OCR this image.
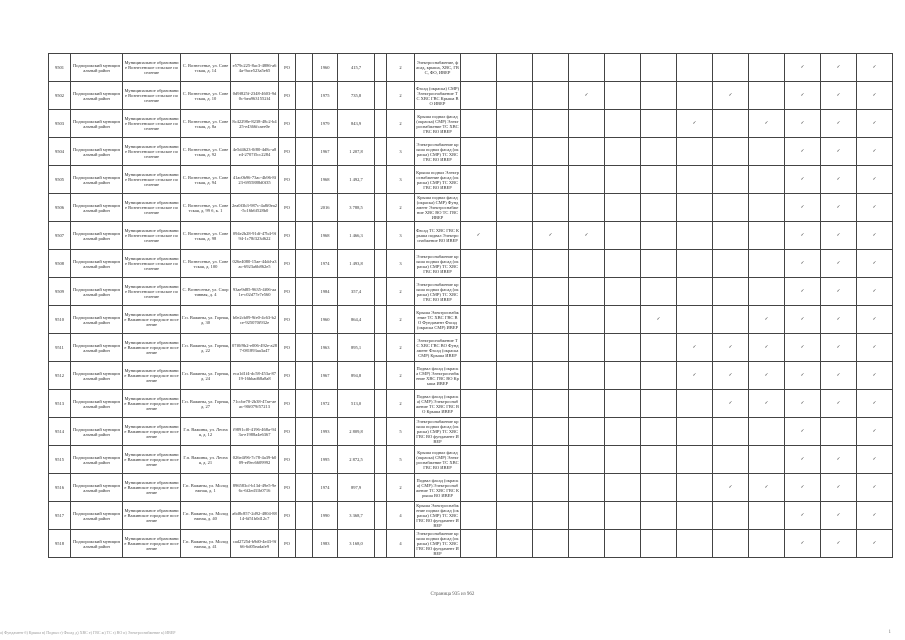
9501	Подпорожский муниципальный район	Муниципальное образование Вознесенское сельское поселение	С. Вознесенье, ул. Советская, д. 14	e579c225-8ac3-4886-a64a-9ace523a5e65	РО		1960	415,7		2	Электроснабжение, фасад, крыша, ХВС, ГВС, ФО, ИВЕР										✓	✓	✓
9502	Подпорожский муниципальный район	Муниципальное образование Вознесенское сельское поселение	С. Вознесенье, ул. Советская, д. 10	0d9f825f-2348-4603-9d0c-bea9631552f4	РО		1975	735,8		2	Фасад (окраска) СМР) Электроснабжение ТС ХВС ГВС Крыша ВО ИВЕР				✓				✓		✓	✓	✓
9503	Подпорожский муниципальный район	Муниципальное образование Вознесенское сельское поселение	С. Вознесенье, ул. Советская, д. 8а	8c42298e-8238-48c2-b425-e4366fcaee0e	РО		1979	843,9		2	Крыша подвал фасад (окраска) СМР) Электроснабжение ТС ХВС ГВС ВО ИВЕР							✓		✓	✓	✓	✓
9504	Подпорожский муниципальный район	Муниципальное образование Вознесенское сельское поселение	С. Вознесенье, ул. Советская, д. 92	4e5d4623-0f80-4d8c-a8e4-2707f5cc2284	РО		1967	1 207,8		3	Электроснабжение крыша подвал фасад (окраска) СМР) ТС ХВС ГВС ВО ИВЕР										✓	✓	✓
9505	Подпорожский муниципальный район	Муниципальное образование Вознесенское сельское поселение	С. Вознесенье, ул. Советская, д. 94	41ac0b96-73ac-4b96-8f23-6955888d0f35	РО		1968	1 492,7		3	Крыша подвал Электроснабжение фасад (окраска) СМР) ТС ХВС ГВС ВО ИВЕР										✓	✓	✓
9506	Подпорожский муниципальный район	Муниципальное образование Вознесенское сельское поселение	С. Вознесенье, ул. Советская, д. 99 б, к. 1	2ea0f3b3-987c-4a8f0ea2-5c16b6f528b0	РО		2016	3 788,5		2	Крыша подвал фасад (окраска) СМР) Фундамент Электроснабжение ХВС ВО ТС ГВС ИВЕР										✓	✓	✓
9507	Подпорожский муниципальный район	Муниципальное образование Вознесенское сельское поселение	С. Вознесенье, ул. Советская, д. 98	094e2b28-91df-47b4-9f94-1c78f323d622	РО		1968	1 466,3		3	Фасад ТС ХВС ГВС Крыша подвал Электроснабжение ВО ИВЕР	✓		✓	✓						✓	✓	✓
9508	Подпорожский муниципальный район	Муниципальное образование Вознесенское сельское поселение	С. Вознесенье, ул. Советская, д. 100	026e4080-15ae-44dd-a3ac-6923a6b862e5	РО		1974	1 493,8		3	Электроснабжение крыша подвал фасад (окраска) СМР) ТС ХВС ГВС ВО ИВЕР										✓	✓	✓
9509	Подпорожский муниципальный район	Муниципальное образование Вознесенское сельское поселение	С. Вознесенье, ул. Спортивная, д. 4	93ae9d85-9635-4f06-aa1e-c02d77e7e560	РО		1984	357,4		2	Электроснабжение крыша подвал фасад (окраска) СМР) ТС ХВС ГВС ВО ИВЕР										✓	✓	✓
9510	Подпорожский муниципальный район	Муниципальное образование Важинское городское поселение	Г.п. Важины, ул. Горная, д. 30	b0e2cb09-9fe0-4c63-b2ce-925070f932e	РО		1960	864,4		2	Крыша Электроснабжение ТС ХВС ГВС ВО Фундамент Фасад (окраска СМР) ИВЕР						✓			✓	✓	✓	✓
9511	Подпорожский муниципальный район	Муниципальное образование Важинское городское поселение	Г.п. Важины, ул. Горная, д. 22	07f0f9b2-e006-492e-a287-081893aa3a47	РО		1963	895,1		2	Электроснабжение ТС ХВС ГВС ВО Фундамент Фасад (окраска СМР) Крыша ИВЕР							✓	✓	✓	✓	✓	✓
9512	Подпорожский муниципальный район	Муниципальное образование Важинское городское поселение	Г.п. Важины, ул. Горная, д. 24	eca1d1f4-dc58-453a-8719-16bbad68a8a8	РО		1967	894,8		2	Подвал фасад (окраска СМР) Электроснабжение ХВС ГВС ВО Крыша ИВЕР							✓	✓	✓	✓	✓	✓
9513	Подпорожский муниципальный район	Муниципальное образование Важинское городское поселение	Г.п. Важины, ул. Горная, д. 27	71ccbe70-2b38-47ae-aeac-90f079f57213	РО		1972	513,0		2	Подвал фасад (окраска) СМР) Электроснабжение ТС ХВС ГВС ВО Крыша ИВЕР								✓	✓	✓	✓	✓
9514	Подпорожский муниципальный район	Муниципальное образование Важинское городское поселение	Г.п. Важины, ул. Лесная, д. 12	f9891cf0-4196-468a-943a-e1988a4e6367	РО		1993	2 809,8		5	Электроснабжение крыша подвал фасад (окраска) СМР) ТС ХВС ГВС ВО фундамент ИВЕР										✓		✓
9515	Подпорожский муниципальный район	Муниципальное образование Важинское городское поселение	Г.п. Важины, ул. Лесная, д. 21	026e4f96-7c78-4a39-b009-ef9ec6609992	РО		1995	2 872,5		5	Крыша подвал фасад (окраска) СМР) Электроснабжение ТС ХВС ГВС ВО ИВЕР										✓	✓	✓
9516	Подпорожский муниципальный район	Муниципальное образование Важинское городское поселение	Г.п. Важины, ул. Молодежная, д. 1	896583cf-b13d-49e5-9e6c-6f2ed31b0716	РО		1974	897,9		2	Подвал фасад (окраска) СМР) Электроснабжение ТС ХВС ГВС Крыша ВО ИВЕР								✓	✓	✓	✓	✓
9517	Подпорожский муниципальный район	Муниципальное образование Важинское городское поселение	Г.п. Важины, ул. Молодежная, д. 40	a6d8c857-2d92-4804-8814-6f51b0d12c7	РО		1990	3 368,7		4	Крыша Электроснабжение подвал фасад (окраска) СМР) ТС ХВС ГВС ВО фундамент ИВЕР										✓	✓	✓
9518	Подпорожский муниципальный район	Муниципальное образование Важинское городское поселение	Г.п. Важины, ул. Молодежная, д. 41	cad2725d-b9d0-4e43-9f66-6d05eadafe9	РО		1983	3 168,0		4	Электроснабжение крыша подвал фасад (окраска) СМР) ТС ХВС ГВС ВО фундамент ИВЕР										✓	✓	✓
Страница 935 из 962
а) Фундамент б) Крыша в) Подвал г) Фасад д) ХВС е) ГВС ж) ТС з) ВО и) Электроснабжение к) ИВЕР	1
